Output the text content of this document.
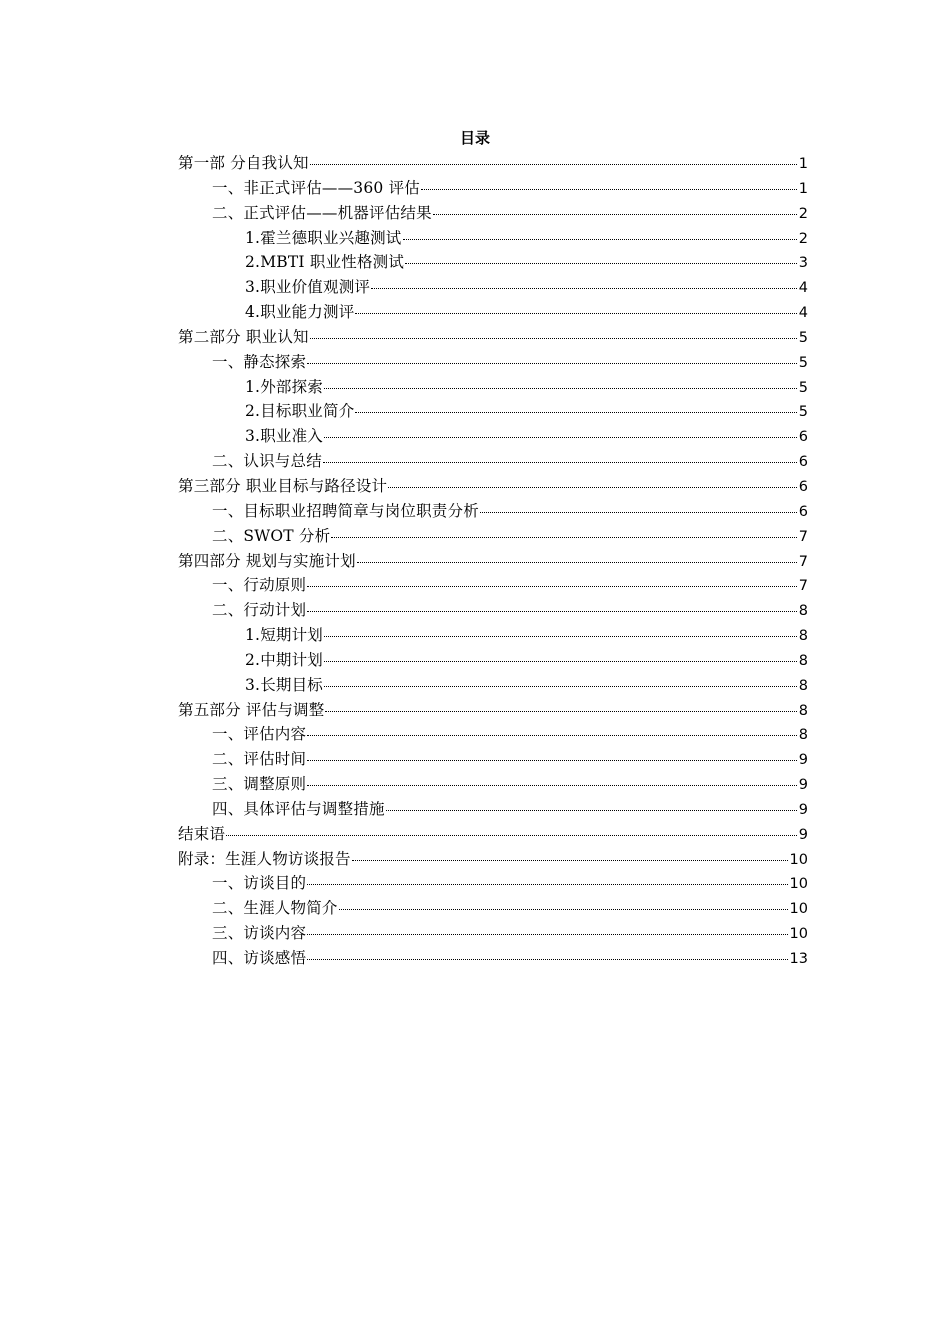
目录
第一部 分自我认知	1
一、非正式评估——360 评估	1
二、正式评估——机器评估结果	2
1.霍兰德职业兴趣测试	2
2.MBTI 职业性格测试	3
3.职业价值观测评	4
4.职业能力测评	4
第二部分 职业认知	5
一、静态探索	5
1.外部探索	5
2.目标职业简介	5
3.职业准入	6
二、认识与总结	6
第三部分 职业目标与路径设计	6
一、目标职业招聘简章与岗位职责分析	6
二、SWOT 分析	7
第四部分 规划与实施计划	7
一、行动原则	7
二、行动计划	8
1.短期计划	8
2.中期计划	8
3.长期目标	8
第五部分 评估与调整	8
一、评估内容	8
二、评估时间	9
三、调整原则	9
四、具体评估与调整措施	9
结束语	9
附录：生涯人物访谈报告	10
一、访谈目的	10
二、生涯人物简介	10
三、访谈内容	10
四、访谈感悟	13
